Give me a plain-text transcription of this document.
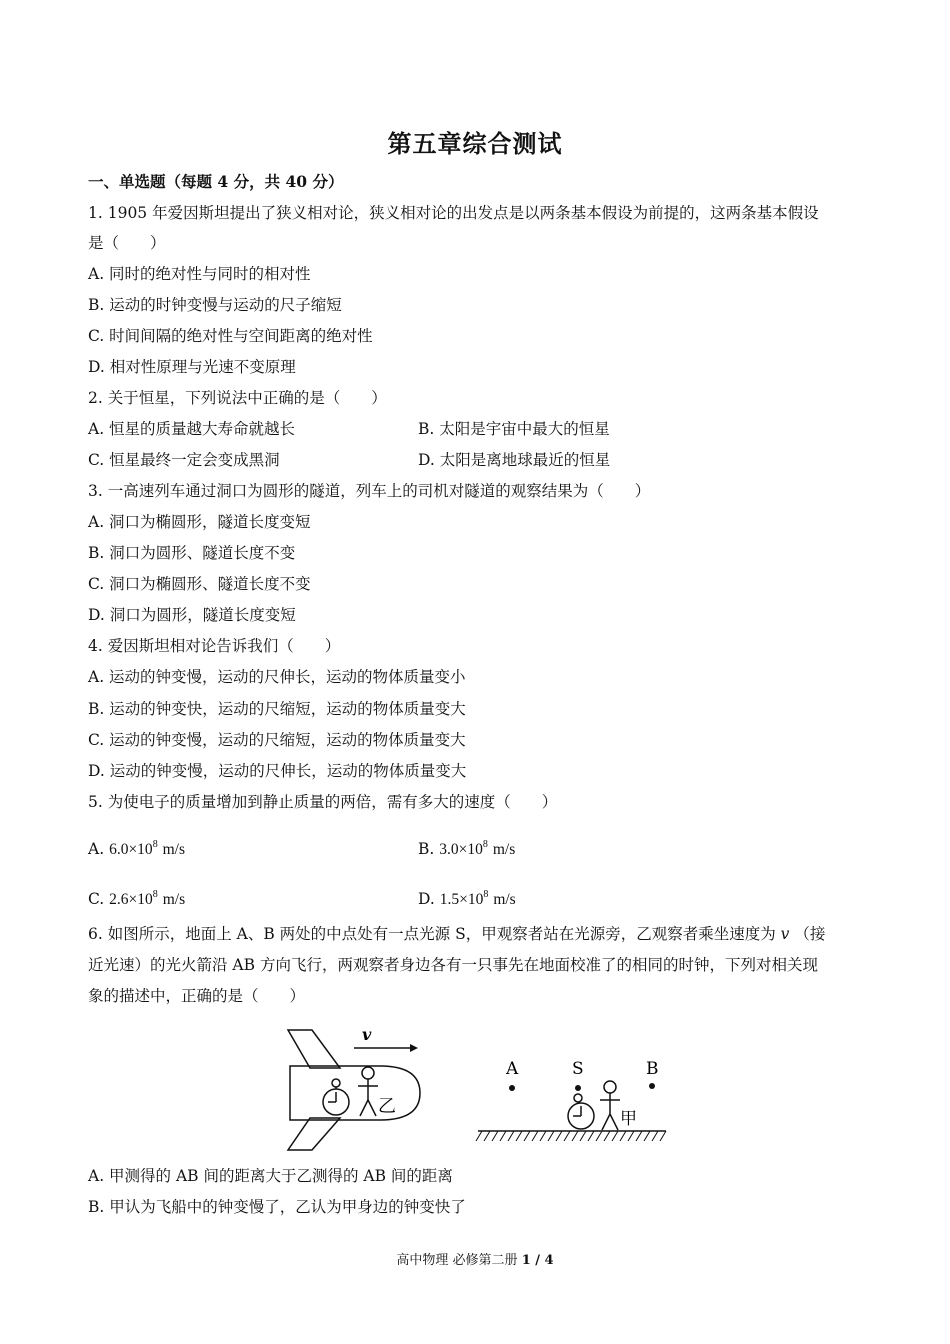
第五章综合测试
一、单选题（每题 4 分，共 40 分）
1. 1905 年爱因斯坦提出了狭义相对论，狭义相对论的出发点是以两条基本假设为前提的，这两条基本假设
是（　　）
A. 同时的绝对性与同时的相对性
B. 运动的时钟变慢与运动的尺子缩短
C. 时间间隔的绝对性与空间距离的绝对性
D. 相对性原理与光速不变原理
2. 关于恒星，下列说法中正确的是（　　）
A. 恒星的质量越大寿命就越长	B. 太阳是宇宙中最大的恒星
C. 恒星最终一定会变成黑洞	D. 太阳是离地球最近的恒星
3. 一高速列车通过洞口为圆形的隧道，列车上的司机对隧道的观察结果为（　　）
A. 洞口为椭圆形，隧道长度变短
B. 洞口为圆形、隧道长度不变
C. 洞口为椭圆形、隧道长度不变
D. 洞口为圆形，隧道长度变短
4. 爱因斯坦相对论告诉我们（　　）
A. 运动的钟变慢，运动的尺伸长，运动的物体质量变小
B. 运动的钟变快，运动的尺缩短，运动的物体质量变大
C. 运动的钟变慢，运动的尺缩短，运动的物体质量变大
D. 运动的钟变慢，运动的尺伸长，运动的物体质量变大
5. 为使电子的质量增加到静止质量的两倍，需有多大的速度（　　）
A. $6.0\times 10^8$ m/s	B. $3.0\times 10^8$ m/s
C. $2.6\times 10^8$ m/s	D. $1.5\times 10^8$ m/s
6. 如图所示，地面上 A、B 两处的中点处有一点光源 S，甲观察者站在光源旁，乙观察者乘坐速度为 v （接
近光速）的光火箭沿 AB 方向飞行，两观察者身边各有一只事先在地面校准了的相同的时钟，下列对相关现
象的描述中，正确的是（　　）
乙
v
A	S	B
甲
A. 甲测得的 AB 间的距离大于乙测得的 AB 间的距离
B. 甲认为飞船中的钟变慢了，乙认为甲身边的钟变快了
高中物理 必修第二册 1 / 4
